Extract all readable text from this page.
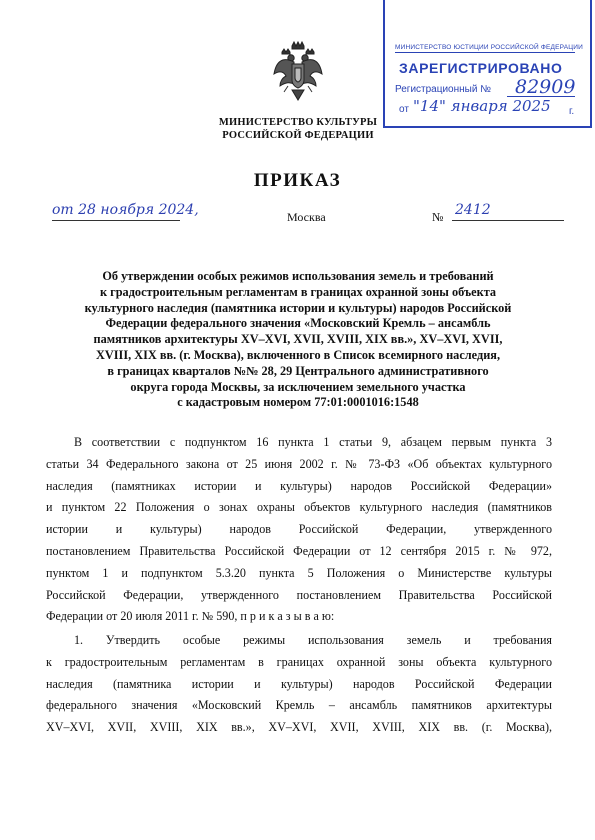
МИНИСТЕРСТВО КУЛЬТУРЫ
РОССИЙСКОЙ ФЕДЕРАЦИИ
МИНИСТЕРСТВО ЮСТИЦИИ РОССИЙСКОЙ ФЕДЕРАЦИИ
ЗАРЕГИСТРИРОВАНО
Регистрационный № 82909
от "14" января 2025 г.
ПРИКАЗ
от 28 ноября 2024,	Москва	№ 2412
Об утверждении особых режимов использования земель и требований
к градостроительным регламентам в границах охранной зоны объекта
культурного наследия (памятника истории и культуры) народов Российской
Федерации федерального значения «Московский Кремль – ансамбль
памятников архитектуры XV–XVI, XVII, XVIII, XIX вв.», XV–XVI, XVII,
XVIII, XIX вв. (г. Москва), включенного в Список всемирного наследия,
в границах кварталов №№ 28, 29 Центрального административного
округа города Москвы, за исключением земельного участка
с кадастровым номером 77:01:0001016:1548
В соответствии с подпунктом 16 пункта 1 статьи 9, абзацем первым пункта 3
статьи 34 Федерального закона от 25 июня 2002 г. № 73-ФЗ «Об объектах культурного
наследия (памятниках истории и культуры) народов Российской Федерации»
и пунктом 22 Положения о зонах охраны объектов культурного наследия (памятников
истории и культуры) народов Российской Федерации, утвержденного
постановлением Правительства Российской Федерации от 12 сентября 2015 г. № 972,
пунктом 1 и подпунктом 5.3.20 пункта 5 Положения о Министерстве культуры
Российской Федерации, утвержденного постановлением Правительства Российской
Федерации от 20 июля 2011 г. № 590, п р и к а з ы в а ю:
1. Утвердить особые режимы использования земель и требования
к градостроительным регламентам в границах охранной зоны объекта культурного
наследия (памятника истории и культуры) народов Российской Федерации
федерального значения «Московский Кремль – ансамбль памятников архитектуры
XV–XVI, XVII, XVIII, XIX вв.», XV–XVI, XVII, XVIII, XIX вв. (г. Москва),
